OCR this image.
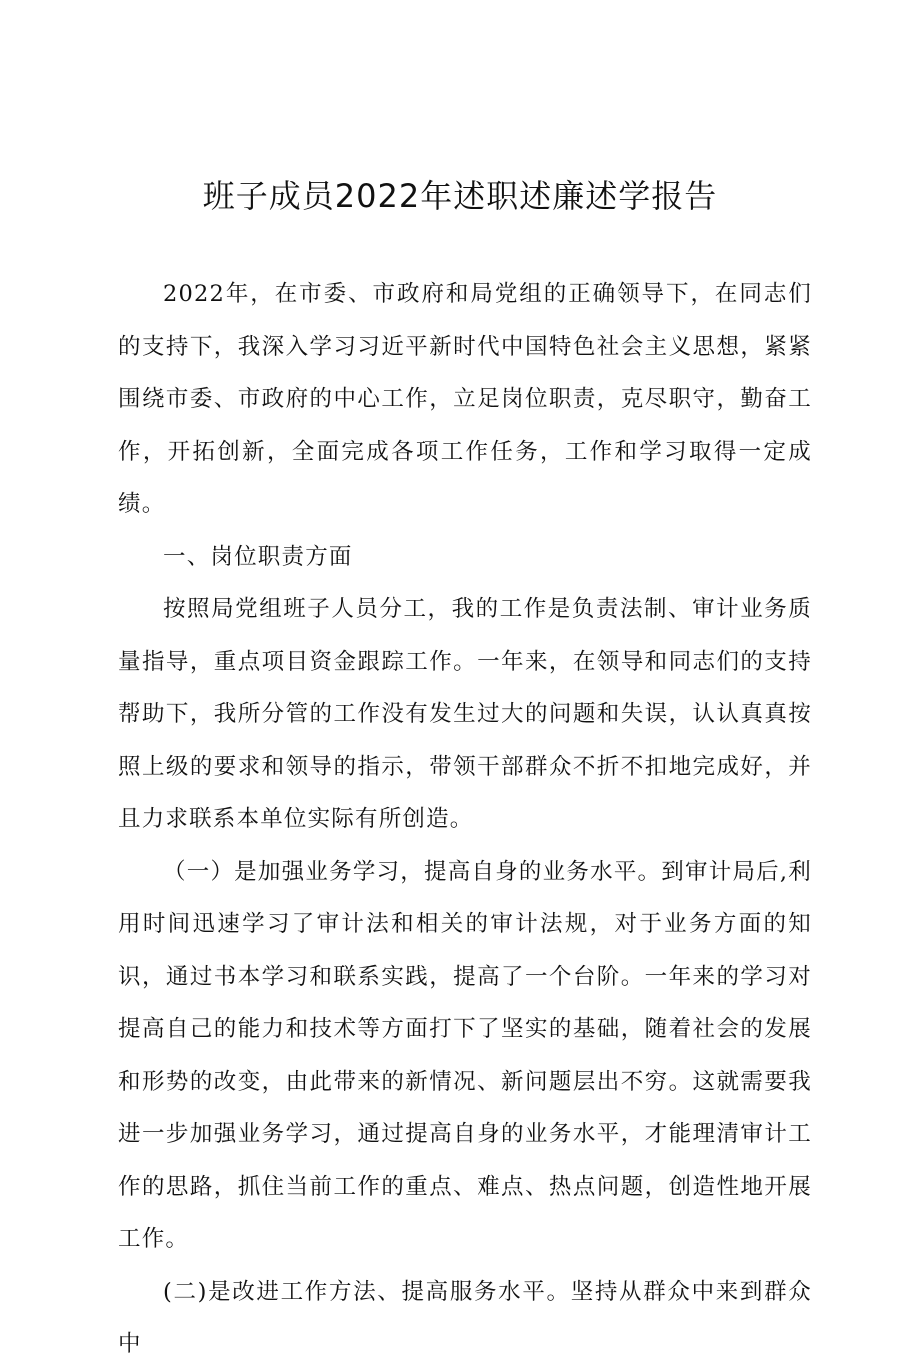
班子成员2022年述职述廉述学报告

2022年，在市委、市政府和局党组的正确领导下，在同志们的支持下，我深入学习习近平新时代中国特色社会主义思想，紧紧围绕市委、市政府的中心工作，立足岗位职责，克尽职守，勤奋工作，开拓创新，全面完成各项工作任务，工作和学习取得一定成绩。

一、岗位职责方面

按照局党组班子人员分工，我的工作是负责法制、审计业务质量指导，重点项目资金跟踪工作。一年来，在领导和同志们的支持帮助下，我所分管的工作没有发生过大的问题和失误，认认真真按照上级的要求和领导的指示，带领干部群众不折不扣地完成好，并且力求联系本单位实际有所创造。

（一）是加强业务学习，提高自身的业务水平。到审计局后,利用时间迅速学习了审计法和相关的审计法规，对于业务方面的知识，通过书本学习和联系实践，提高了一个台阶。一年来的学习对提高自己的能力和技术等方面打下了坚实的基础，随着社会的发展和形势的改变，由此带来的新情况、新问题层出不穷。这就需要我进一步加强业务学习，通过提高自身的业务水平，才能理清审计工作的思路，抓住当前工作的重点、难点、热点问题，创造性地开展工作。

(二)是改进工作方法、提高服务水平。坚持从群众中来到群众中
